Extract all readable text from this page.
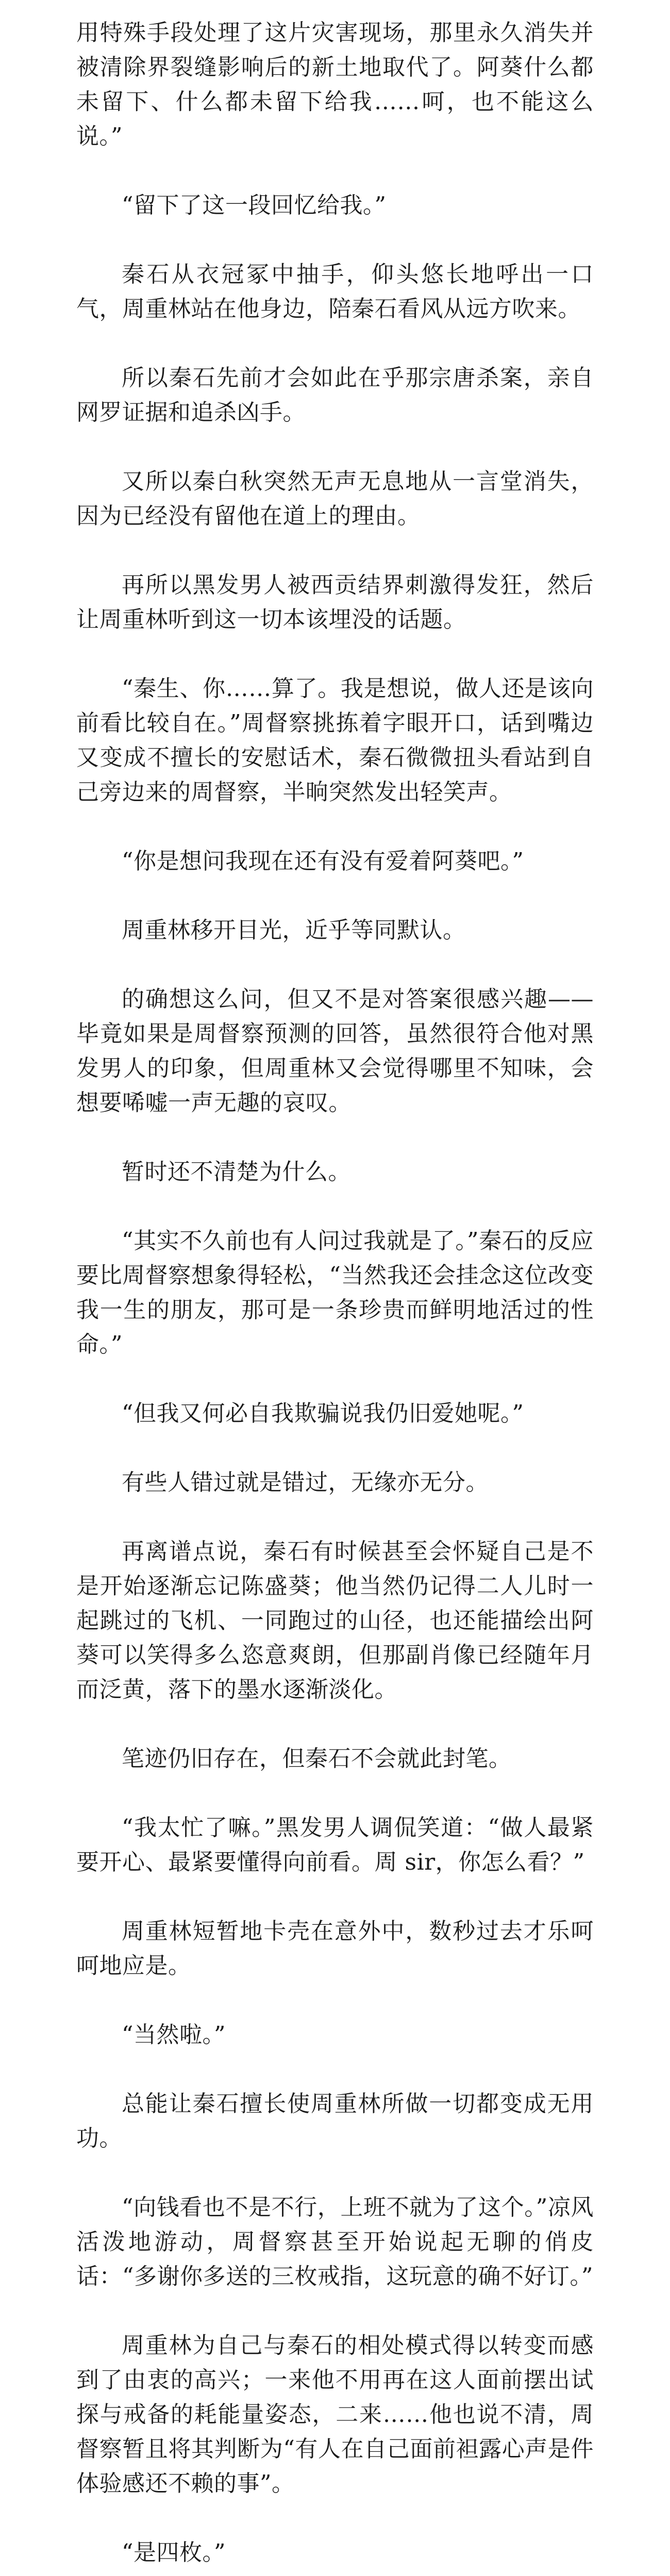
用特殊手段处理了这片灾害现场，那里永久消失并被清除界裂缝影响后的新土地取代了。阿葵什么都未留下、什么都未留下给我……呵，也不能这么说。”

“留下了这一段回忆给我。”

秦石从衣冠冢中抽手，仰头悠长地呼出一口气，周重林站在他身边，陪秦石看风从远方吹来。

所以秦石先前才会如此在乎那宗唐杀案，亲自网罗证据和追杀凶手。

又所以秦白秋突然无声无息地从一言堂消失，因为已经没有留他在道上的理由。

再所以黑发男人被西贡结界刺激得发狂，然后让周重林听到这一切本该埋没的话题。

“秦生、你……算了。我是想说，做人还是该向前看比较自在。”周督察挑拣着字眼开口，话到嘴边又变成不擅长的安慰话术，秦石微微扭头看站到自己旁边来的周督察，半晌突然发出轻笑声。

“你是想问我现在还有没有爱着阿葵吧。”

周重林移开目光，近乎等同默认。

的确想这么问，但又不是对答案很感兴趣——毕竟如果是周督察预测的回答，虽然很符合他对黑发男人的印象，但周重林又会觉得哪里不知味，会想要唏嘘一声无趣的哀叹。

暂时还不清楚为什么。

“其实不久前也有人问过我就是了。”秦石的反应要比周督察想象得轻松，“当然我还会挂念这位改变我一生的朋友，那可是一条珍贵而鲜明地活过的性命。”

“但我又何必自我欺骗说我仍旧爱她呢。”

有些人错过就是错过，无缘亦无分。

再离谱点说，秦石有时候甚至会怀疑自己是不是开始逐渐忘记陈盛葵；他当然仍记得二人儿时一起跳过的飞机、一同跑过的山径，也还能描绘出阿葵可以笑得多么恣意爽朗，但那副肖像已经随年月而泛黄，落下的墨水逐渐淡化。

笔迹仍旧存在，但秦石不会就此封笔。

“我太忙了嘛。”黑发男人调侃笑道：“做人最紧要开心、最紧要懂得向前看。周 sir，你怎么看？”

周重林短暂地卡壳在意外中，数秒过去才乐呵呵地应是。

“当然啦。”

总能让秦石擅长使周重林所做一切都变成无用功。

“向钱看也不是不行，上班不就为了这个。”凉风活泼地游动，周督察甚至开始说起无聊的俏皮话：“多谢你多送的三枚戒指，这玩意的确不好订。”

周重林为自己与秦石的相处模式得以转变而感到了由衷的高兴；一来他不用再在这人面前摆出试探与戒备的耗能量姿态，二来……他也说不清，周督察暂且将其判断为“有人在自己面前袒露心声是件体验感还不赖的事”。

“是四枚。”
